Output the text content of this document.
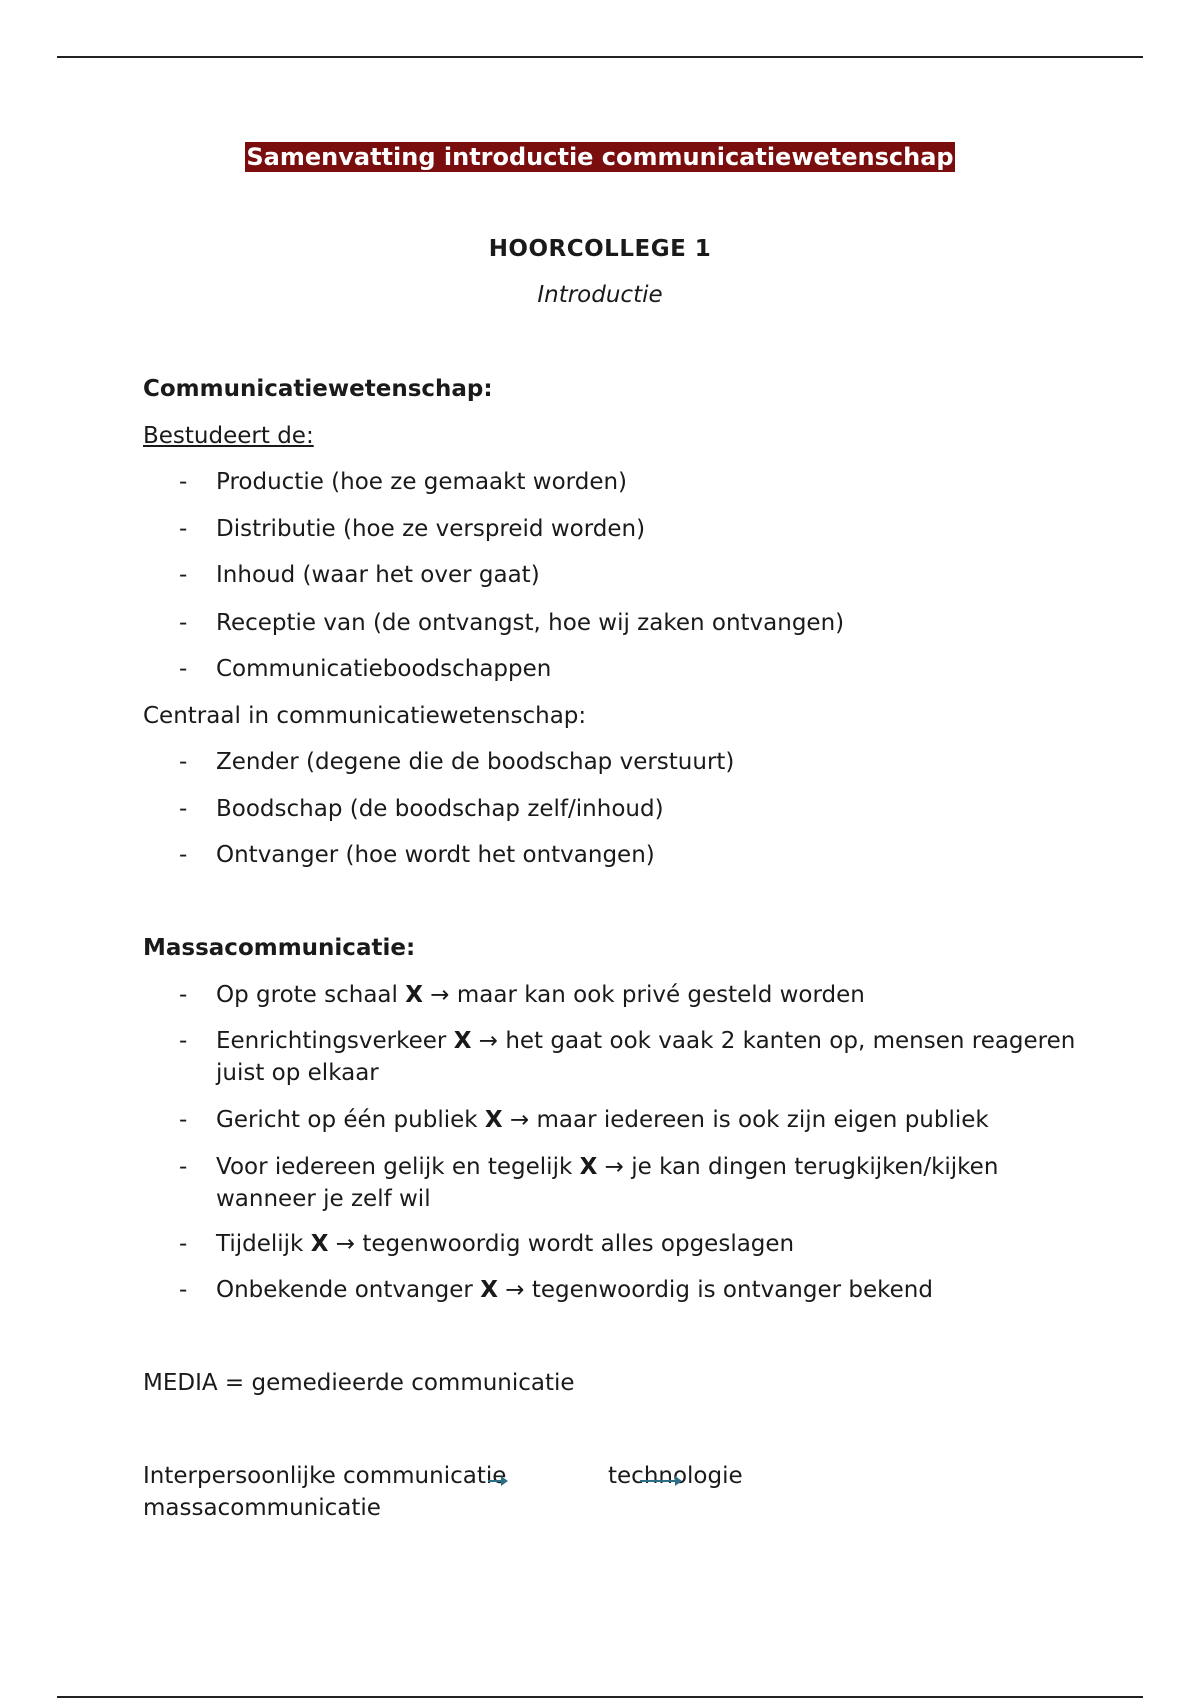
Samenvatting introductie communicatiewetenschap
HOORCOLLEGE 1
Introductie
Communicatiewetenschap:
Bestudeert de:
- Productie (hoe ze gemaakt worden)
- Distributie (hoe ze verspreid worden)
- Inhoud (waar het over gaat)
- Receptie van (de ontvangst, hoe wij zaken ontvangen)
- Communicatieboodschappen
Centraal in communicatiewetenschap:
- Zender (degene die de boodschap verstuurt)
- Boodschap (de boodschap zelf/inhoud)
- Ontvanger (hoe wordt het ontvangen)
Massacommunicatie:
- Op grote schaal X → maar kan ook privé gesteld worden
- Eenrichtingsverkeer X → het gaat ook vaak 2 kanten op, mensen reageren juist op elkaar
- Gericht op één publiek X → maar iedereen is ook zijn eigen publiek
- Voor iedereen gelijk en tegelijk X → je kan dingen terugkijken/kijken wanneer je zelf wil
- Tijdelijk X → tegenwoordig wordt alles opgeslagen
- Onbekende ontvanger X → tegenwoordig is ontvanger bekend
MEDIA = gemedieerde communicatie
Interpersoonlijke communicatie	technologie
massacommunicatie
